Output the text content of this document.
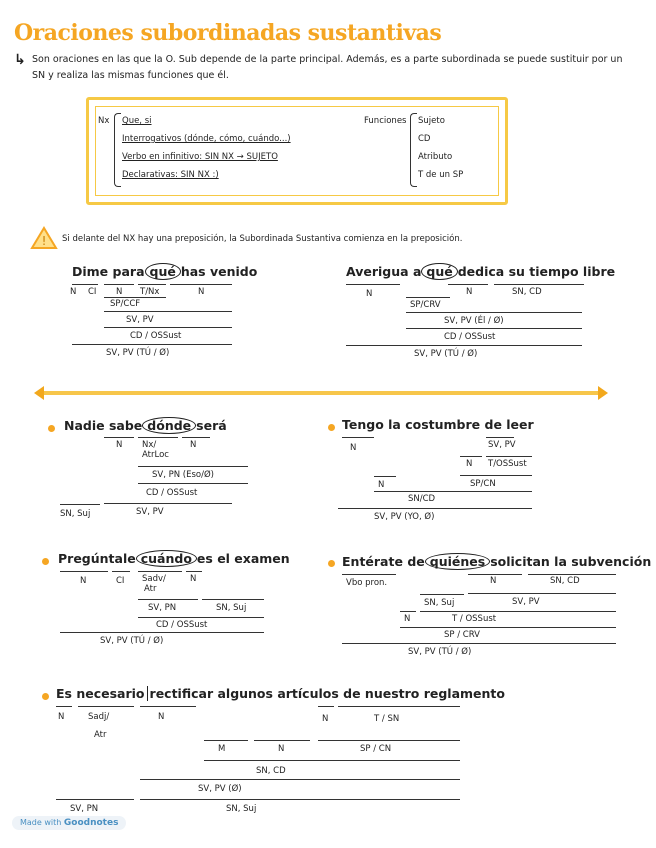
Oraciones subordinadas sustantivas
↳ Son oraciones en las que la O. Sub depende de la parte principal. Además, es a parte subordinada se puede sustituir por un
SN y realiza las mismas funciones que él.
Nx Que, si
Interrogativos (dónde, cómo, cuándo...)
Verbo en infinitivo: SIN NX → SUJETO
Declarativas: SIN NX :)
Funciones Sujeto
CD
Atributo
T de un SP
! Si delante del NX hay una preposición, la Subordinada Sustantiva comienza en la preposición.
Dime para qué has venido
N CI N T/Nx	N
SP/CCF
SV, PV
CD / OSSust
SV, PV (TÚ / Ø)
Averigua a qué dedica su tiempo libre
N	N	SN, CD
SP/CRV
SV, PV (Él / Ø)
CD / OSSust
SV, PV (TÚ / Ø)
Nadie sabe dónde será
N Nx/
AtrLoc
N
SV, PN (Eso/Ø)
CD / OSSust
SN, Suj	SV, PV
Tengo la costumbre de leer
N	SV, PV
N T/OSSust
N	SP/CN
SN/CD
SV, PV (YO, Ø)
Pregúntale cuándo es el examen
N	CI Sadv/
Atr
N
SV, PN	SN, Suj
CD / OSSust
SV, PV (TÚ / Ø)
Entérate de quiénes solicitan la subvención
Vbo pron.	N	SN, CD
SN, Suj	SV, PV
N	T / OSSust
SP / CRV
SV, PV (TÚ / Ø)
Es necesario rectificar algunos artículos de nuestro reglamento
N	Sadj/
Atr
N	N	T / SN
M	N	SP / CN
SN, CD
SV, PV (Ø)
SV, PN	SN, Suj
Made with Goodnotes
